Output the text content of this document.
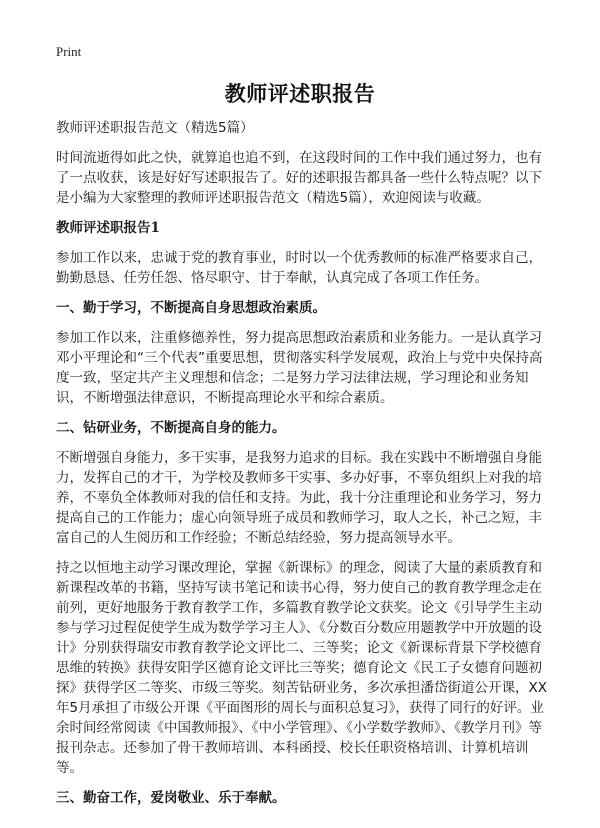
Print
教师评述职报告

教师评述职报告范文（精选5篇）

时间流逝得如此之快，就算追也追不到，在这段时间的工作中我们通过努力，也有了一点收获，该是好好写述职报告了。好的述职报告都具备一些什么特点呢？以下是小编为大家整理的教师评述职报告范文（精选5篇），欢迎阅读与收藏。

教师评述职报告1

参加工作以来，忠诚于党的教育事业，时时以一个优秀教师的标准严格要求自己，勤勤恳恳、任劳任怨、恪尽职守、甘于奉献，认真完成了各项工作任务。

一、勤于学习，不断提高自身思想政治素质。

参加工作以来，注重修德养性，努力提高思想政治素质和业务能力。一是认真学习邓小平理论和“三个代表”重要思想，贯彻落实科学发展观，政治上与党中央保持高度一致，坚定共产主义理想和信念；二是努力学习法律法规，学习理论和业务知识，不断增强法律意识，不断提高理论水平和综合素质。

二、钻研业务，不断提高自身的能力。

不断增强自身能力，多干实事，是我努力追求的目标。我在实践中不断增强自身能力，发挥自己的才干，为学校及教师多干实事、多办好事，不辜负组织上对我的培养，不辜负全体教师对我的信任和支持。为此，我十分注重理论和业务学习，努力提高自己的工作能力；虚心向领导班子成员和教师学习，取人之长，补己之短，丰富自己的人生阅历和工作经验；不断总结经验，努力提高领导水平。

持之以恒地主动学习课改理论，掌握《新课标》的理念，阅读了大量的素质教育和新课程改革的书籍，坚持写读书笔记和读书心得，努力使自己的教育教学理念走在前列，更好地服务于教育教学工作，多篇教育教学论文获奖。论文《引导学生主动参与学习过程促使学生成为数学学习主人》、《分数百分数应用题教学中开放题的设计》分别获得瑞安市教育教学论文评比二、三等奖；论文《新课标背景下学校德育思维的转换》获得安阳学区德育论文评比三等奖；德育论文《民工子女德育问题初探》获得学区二等奖、市级三等奖。刻苦钻研业务，多次承担潘岱街道公开课，XX年5月承担了市级公开课《平面图形的周长与面积总复习》，获得了同行的好评。业余时间经常阅读《中国教师报》、《中小学管理》、《小学数学教师》、《教学月刊》等报刊杂志。还参加了骨干教师培训、本科函授、校长任职资格培训、计算机培训等。

三、勤奋工作，爱岗敬业、乐于奉献。
